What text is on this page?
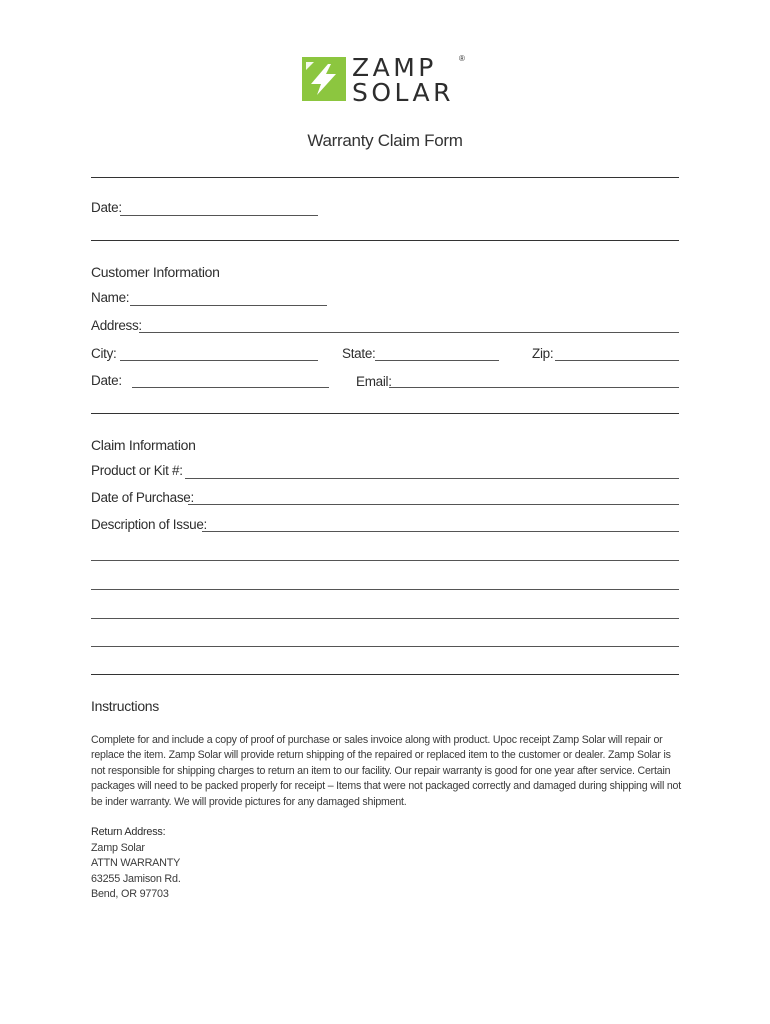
ZAMP
SOLAR
®
Warranty Claim Form
Date:
Customer Information
Name:
Address:
City:	State:	Zip:
Date:	Email:
Claim Information
Product or Kit #:
Date of Purchase:
Description of Issue:
Instructions
Complete for and include a copy of proof of purchase or sales invoice along with product. Upoc receipt Zamp Solar will repair or replace the item. Zamp Solar will provide return shipping of the repaired or replaced item to the customer or dealer. Zamp Solar is not responsible for shipping charges to return an item to our facility. Our repair warranty is good for one year after service. Certain packages will need to be packed properly for receipt – Items that were not packaged correctly and damaged during shipping will not be inder warranty. We will provide pictures for any damaged shipment.
Return Address:
Zamp Solar
ATTN WARRANTY
63255 Jamison Rd.
Bend, OR 97703
